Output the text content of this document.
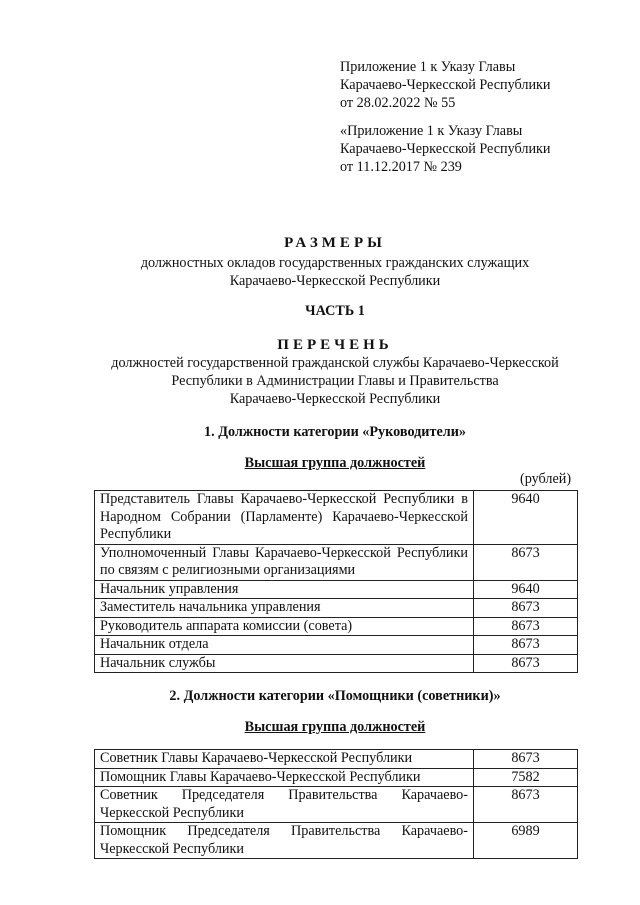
Приложение 1 к Указу Главы
Карачаево-Черкесской Республики
от 28.02.2022 № 55
«Приложение 1 к Указу Главы
Карачаево-Черкесской Республики
от 11.12.2017 № 239
РАЗМЕРЫ
должностных окладов государственных гражданских служащих
Карачаево-Черкесской Республики
ЧАСТЬ 1
ПЕРЕЧЕНЬ
должностей государственной гражданской службы Карачаево-Черкесской
Республики в Администрации Главы и Правительства
Карачаево-Черкесской Республики
1. Должности категории «Руководители»
Высшая группа должностей
(рублей)
Представитель Главы Карачаево-Черкесской Республики в Народном Собрании (Парламенте) Карачаево-Черкесской Республики	9640
Уполномоченный Главы Карачаево-Черкесской Республики по связям с религиозными организациями	8673
Начальник управления	9640
Заместитель начальника управления	8673
Руководитель аппарата комиссии (совета)	8673
Начальник отдела	8673
Начальник службы	8673
2. Должности категории «Помощники (советники)»
Высшая группа должностей
Советник Главы Карачаево-Черкесской Республики	8673
Помощник Главы Карачаево-Черкесской Республики	7582
Советник Председателя Правительства Карачаево-Черкесской Республики	8673
Помощник Председателя Правительства Карачаево-Черкесской Республики	6989
